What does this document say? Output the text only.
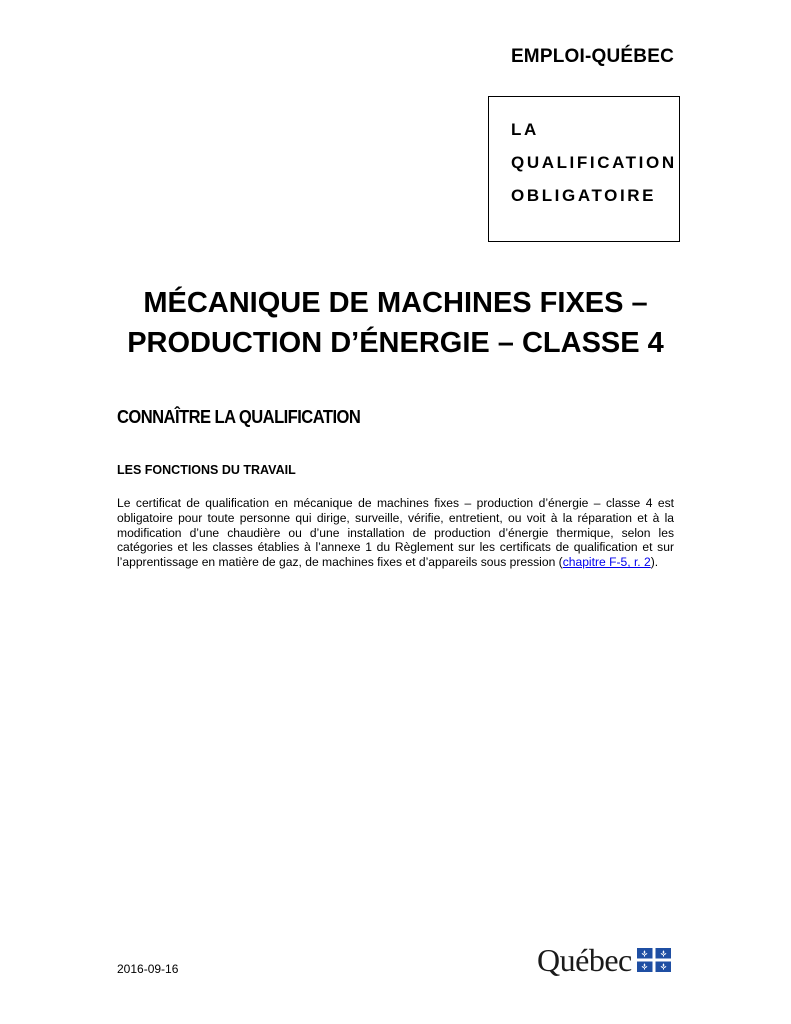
EMPLOI-QUÉBEC
LA
QUALIFICATION
OBLIGATOIRE
MÉCANIQUE DE MACHINES FIXES –
PRODUCTION D’ÉNERGIE – CLASSE 4
CONNAÎTRE LA QUALIFICATION
LES FONCTIONS DU TRAVAIL
Le certificat de qualification en mécanique de machines fixes – production d’énergie – classe 4 est obligatoire pour toute personne qui dirige, surveille, vérifie, entretient, ou voit à la réparation et à la modification d’une chaudière ou d’une installation de production d’énergie thermique, selon les catégories et les classes établies à l’annexe 1 du Règlement sur les certificats de qualification et sur l’apprentissage en matière de gaz, de machines fixes et d’appareils sous pression (chapitre F-5, r. 2).
2016-09-16	Québec
